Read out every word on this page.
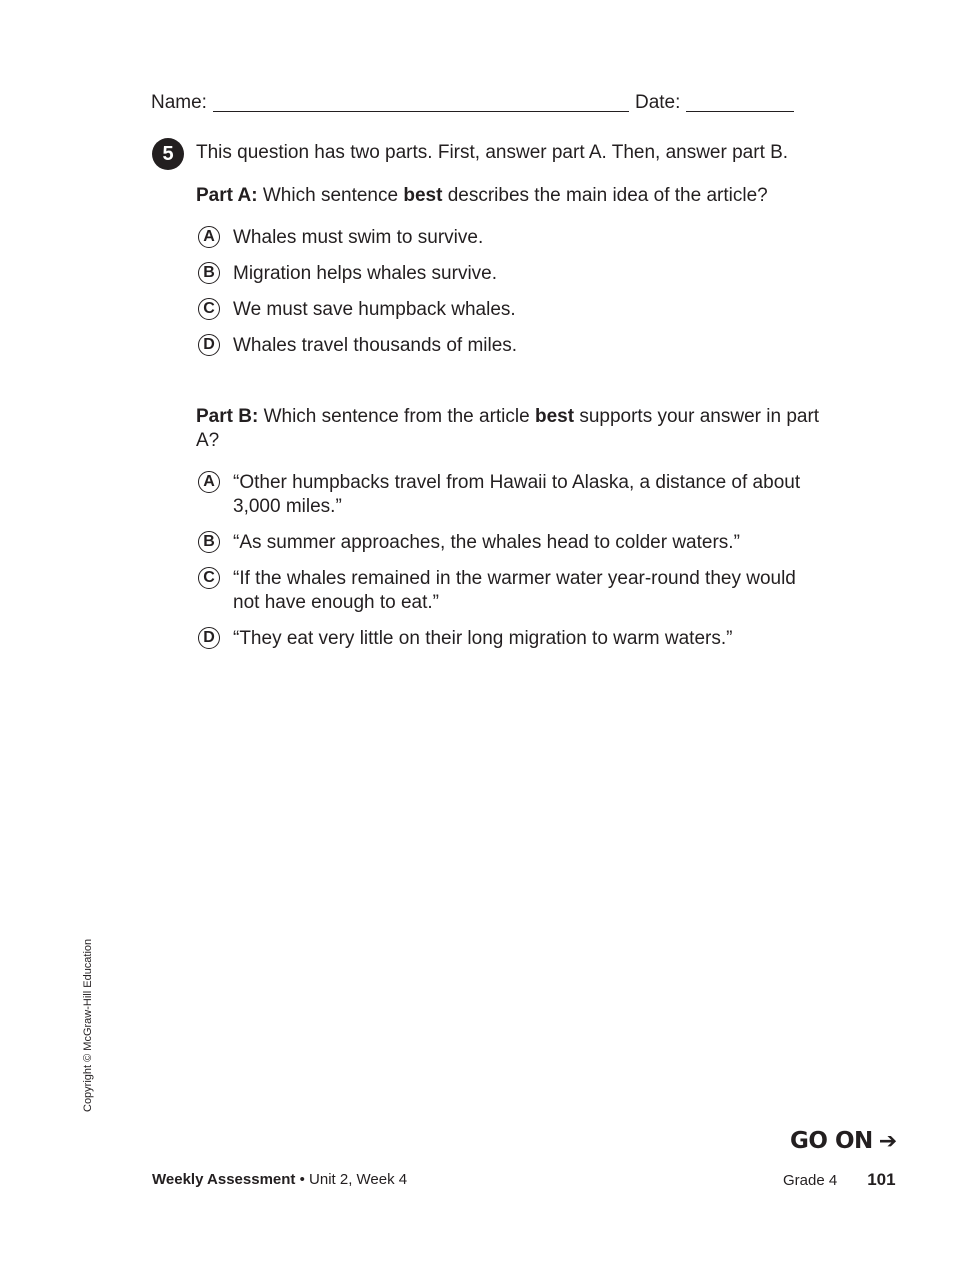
Name:	Date:
5	This question has two parts. First, answer part A. Then, answer part B.
Part A: Which sentence best describes the main idea of the article?
A Whales must swim to survive.
B Migration helps whales survive.
C We must save humpback whales.
D Whales travel thousands of miles.
Part B: Which sentence from the article best supports your answer in part A?
A “Other humpbacks travel from Hawaii to Alaska, a distance of about 3,000 miles.”
B “As summer approaches, the whales head to colder waters.”
C “If the whales remained in the warmer water year-round they would not have enough to eat.”
D “They eat very little on their long migration to warm waters.”
Copyright © McGraw-Hill Education
GO ON ➔
Weekly Assessment • Unit 2, Week 4	Grade 4 101
